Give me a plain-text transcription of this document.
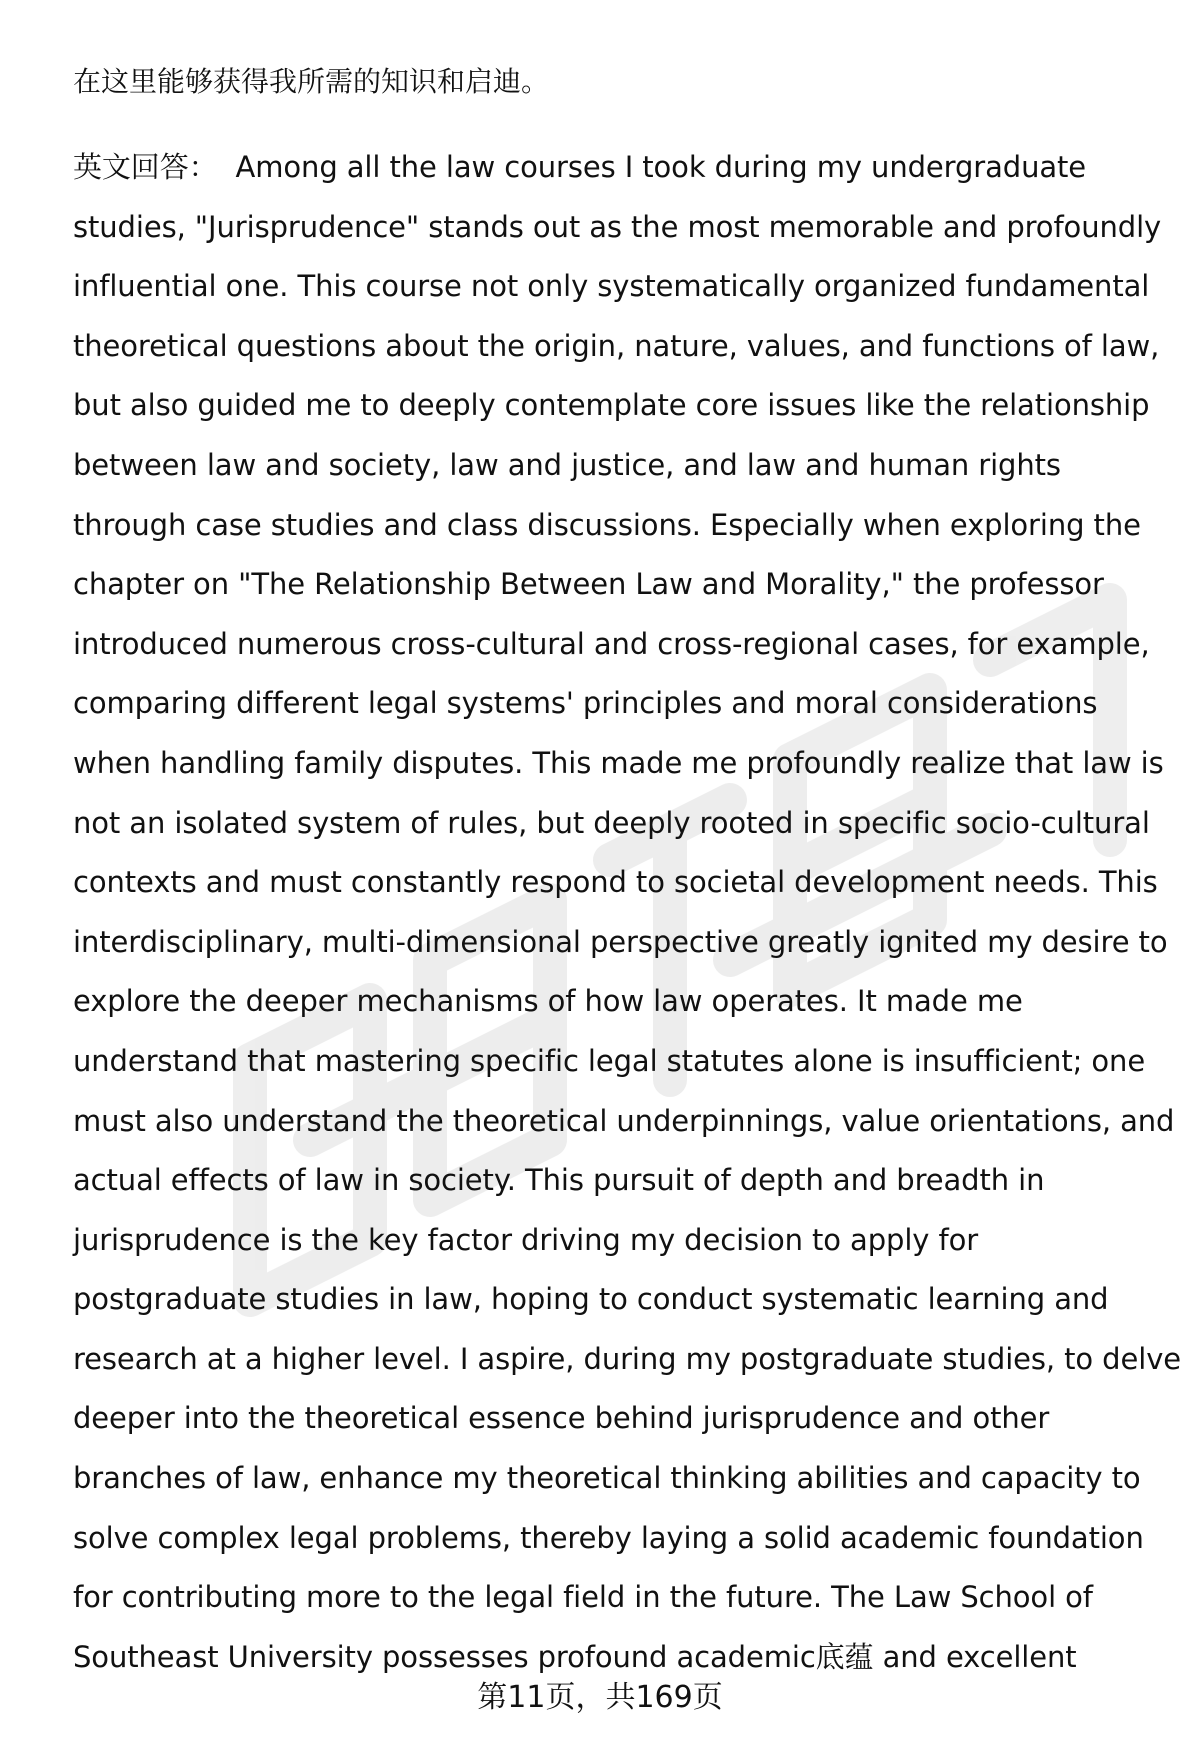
在这里能够获得我所需的知识和启迪。

英文回答： Among all the law courses I took during my undergraduate
studies, "Jurisprudence" stands out as the most memorable and profoundly
influential one. This course not only systematically organized fundamental
theoretical questions about the origin, nature, values, and functions of law,
but also guided me to deeply contemplate core issues like the relationship
between law and society, law and justice, and law and human rights
through case studies and class discussions. Especially when exploring the
chapter on "The Relationship Between Law and Morality," the professor
introduced numerous cross-cultural and cross-regional cases, for example,
comparing different legal systems' principles and moral considerations
when handling family disputes. This made me profoundly realize that law is
not an isolated system of rules, but deeply rooted in specific socio-cultural
contexts and must constantly respond to societal development needs. This
interdisciplinary, multi-dimensional perspective greatly ignited my desire to
explore the deeper mechanisms of how law operates. It made me
understand that mastering specific legal statutes alone is insufficient; one
must also understand the theoretical underpinnings, value orientations, and
actual effects of law in society. This pursuit of depth and breadth in
jurisprudence is the key factor driving my decision to apply for
postgraduate studies in law, hoping to conduct systematic learning and
research at a higher level. I aspire, during my postgraduate studies, to delve
deeper into the theoretical essence behind jurisprudence and other
branches of law, enhance my theoretical thinking abilities and capacity to
solve complex legal problems, thereby laying a solid academic foundation
for contributing more to the legal field in the future. The Law School of
Southeast University possesses profound academic底蕴 and excellent

第11页，共169页
